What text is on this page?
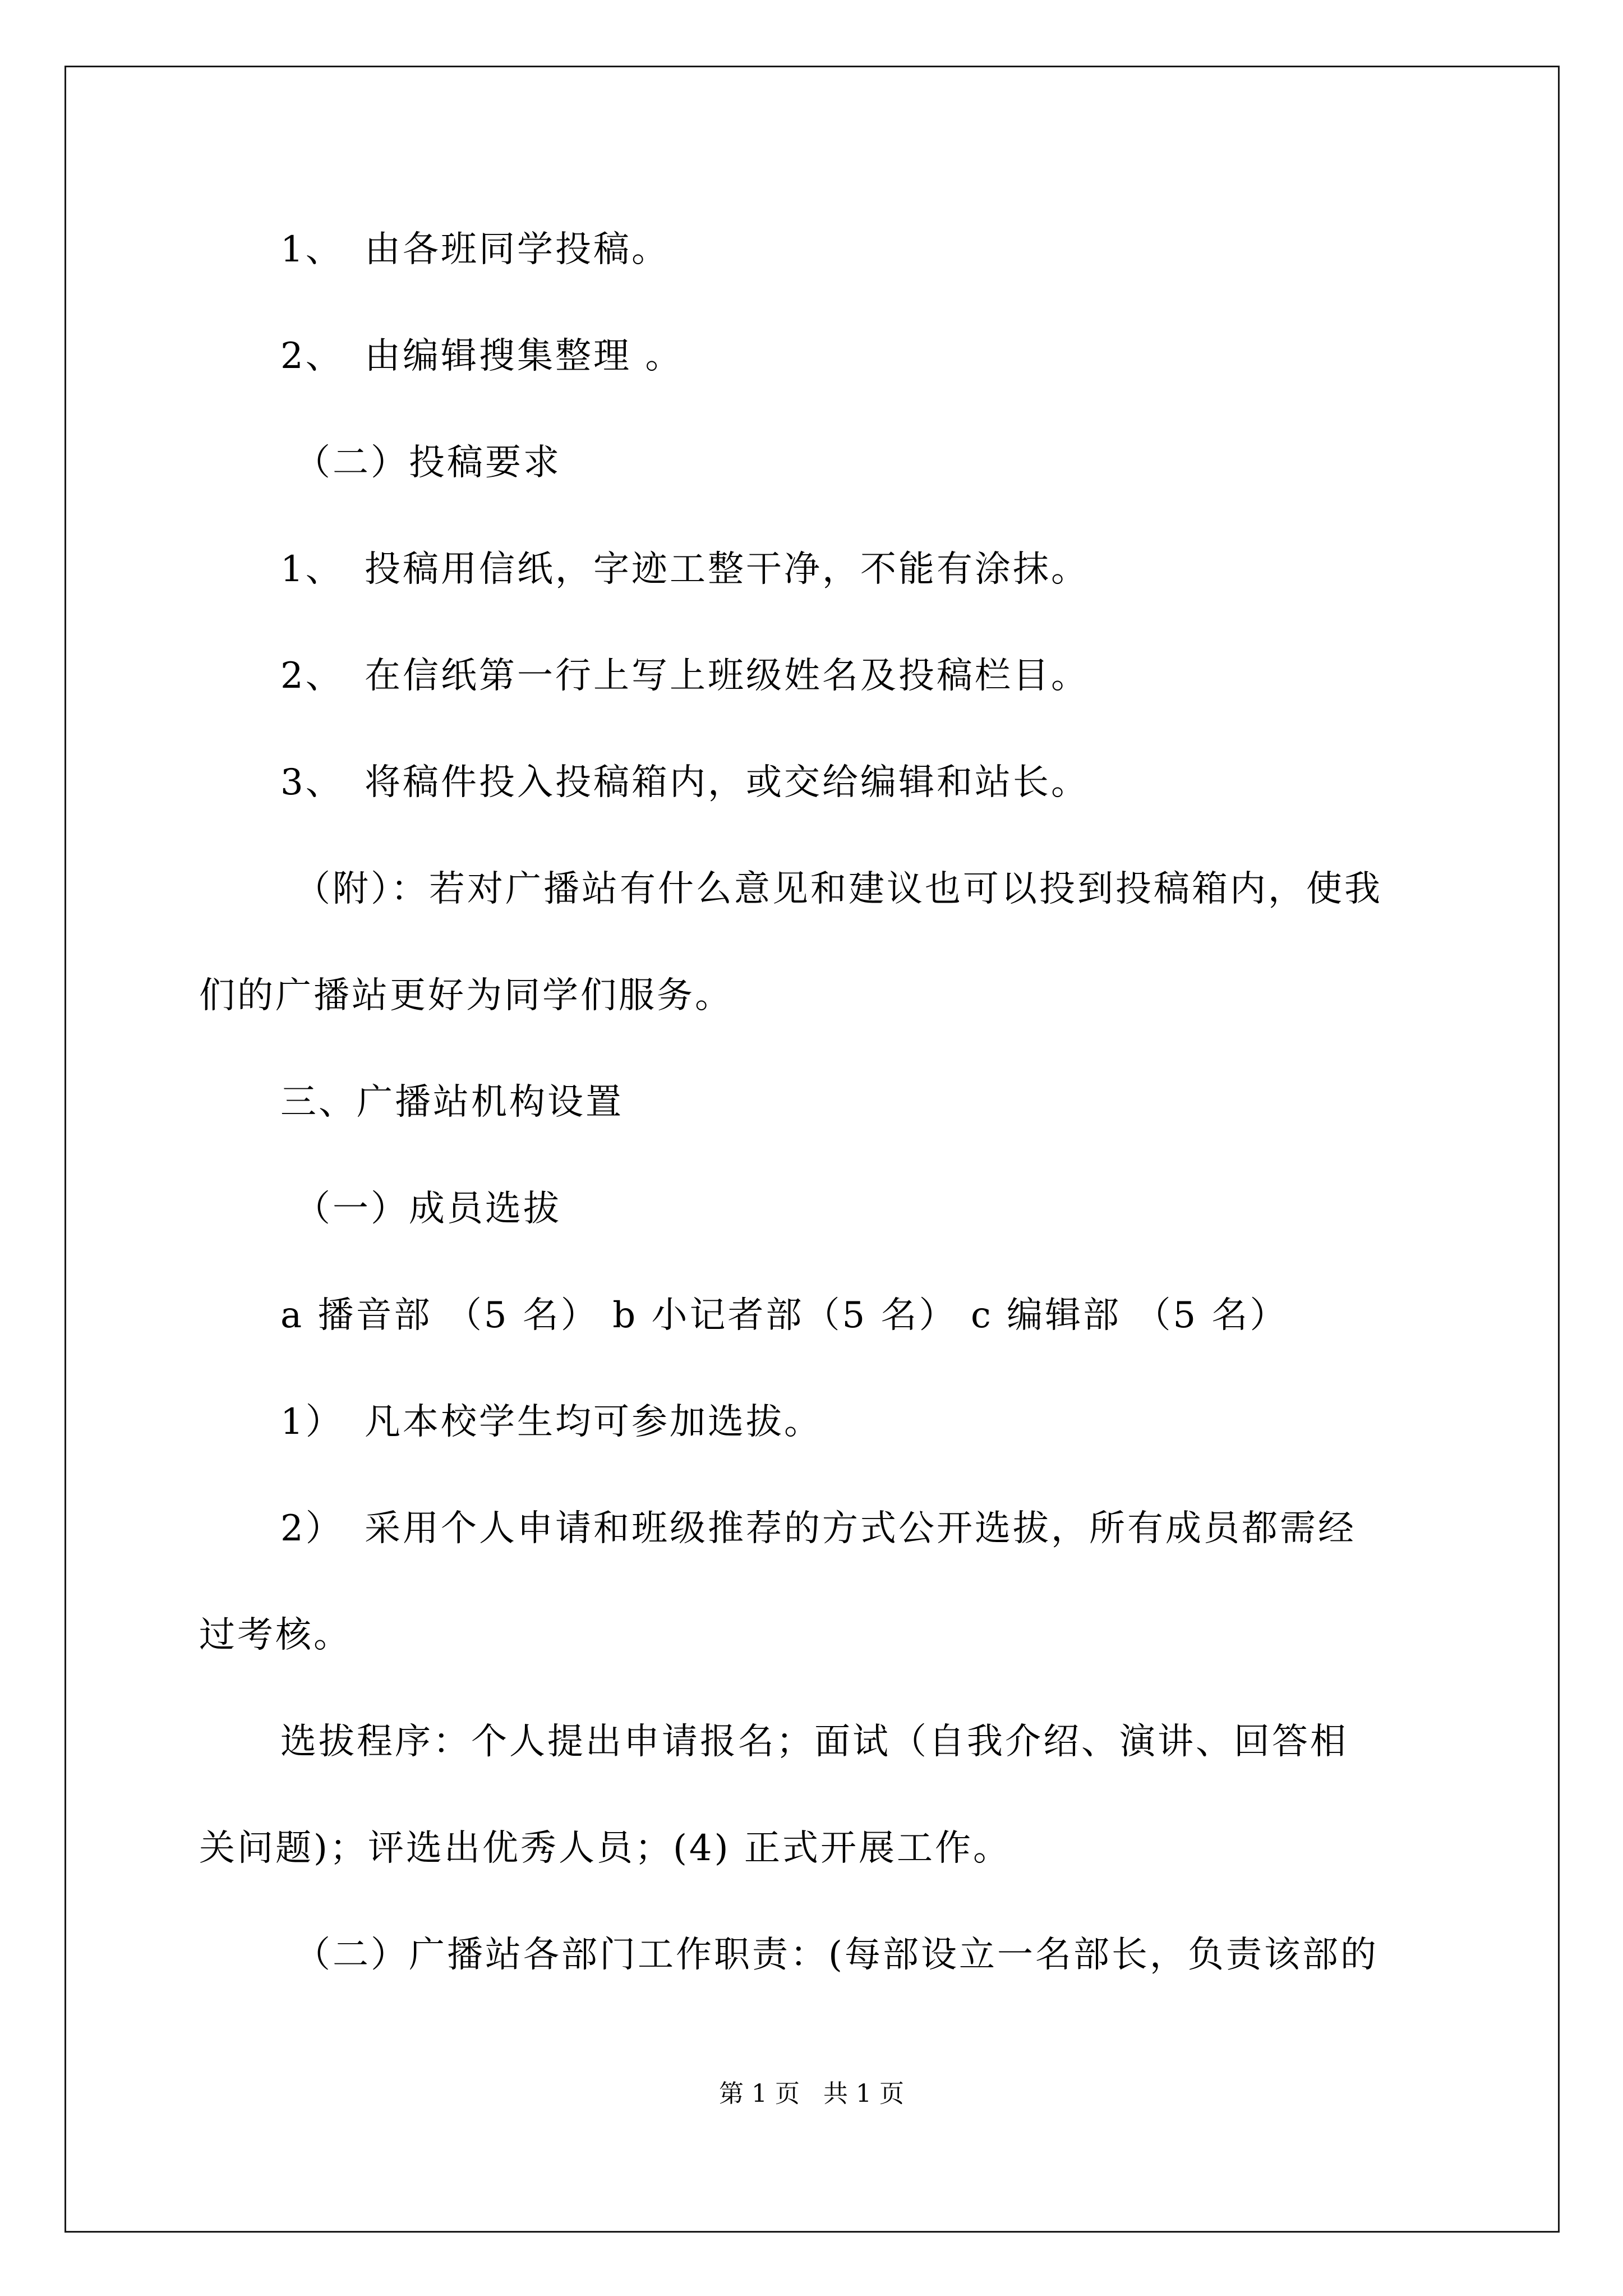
1、 由各班同学投稿。
2、 由编辑搜集整理 。
（二）投稿要求
1、 投稿用信纸，字迹工整干净，不能有涂抹。
2、 在信纸第一行上写上班级姓名及投稿栏目。
3、 将稿件投入投稿箱内，或交给编辑和站长。
（附）：若对广播站有什么意见和建议也可以投到投稿箱内，使我
们的广播站更好为同学们服务。
三、广播站机构设置
（一）成员选拔
a 播音部 （5 名） b 小记者部（5 名） c 编辑部 （5 名）
1） 凡本校学生均可参加选拔。
2） 采用个人申请和班级推荐的方式公开选拔，所有成员都需经
过考核。
选拔程序：个人提出申请报名；面试（自我介绍、演讲、回答相
关问题)；评选出优秀人员；(4) 正式开展工作。
（二）广播站各部门工作职责：(每部设立一名部长，负责该部的
第 1 页   共 1 页
